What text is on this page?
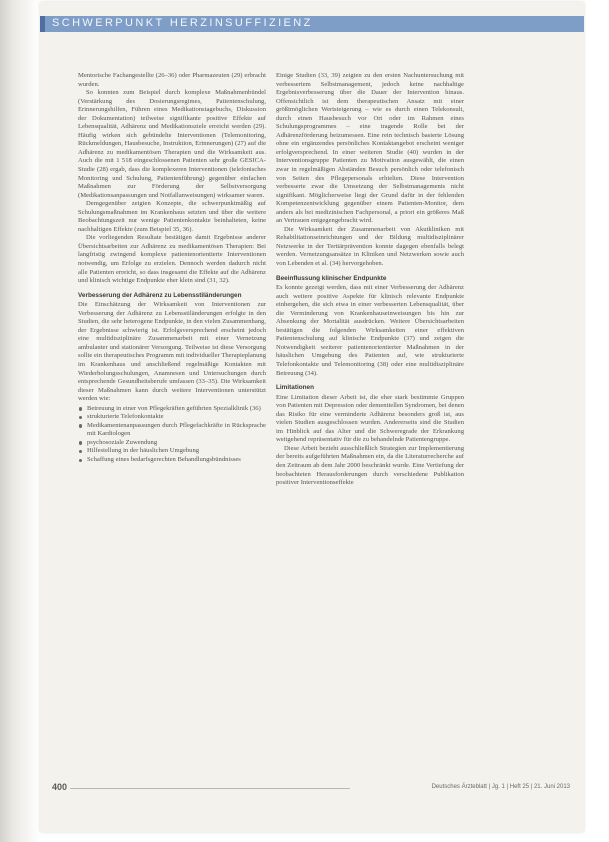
SCHWERPUNKT HERZINSUFFIZIENZ

Mentorische Fachangestellte (26–36) oder Pharmazeuten (29) erbracht wurden.

So konnten zum Beispiel durch komplexe Maßnahmenbündel (Verstärkung des Dosierungsregimes, Patientenschulung, Erinnerungshilfen, Führen eines Medikationstagebuchs, Diskussion der Dokumentation) teilweise signifikante positive Effekte auf Lebensqualität, Adhärenz und Medikationsziele erreicht werden (29). Häufig wirken sich gebündelte Interventionen (Telemonitoring, Rückmeldungen, Hausbesuche, Instruktion, Erinnerungen) (27) auf die Adhärenz zu medikamentösen Therapien und die Wirksamkeit aus. Auch die mit 1 518 eingeschlossenen Patienten sehr große GESICA-Studie (28) ergab, dass die komplexeren Interventionen (telefonisches Monitoring und Schulung, Patientenführung) gegenüber einfachen Maßnahmen zur Förderung der Selbstversorgung (Medikationsanpassungen und Notfallanweisungen) wirksamer waren.

Demgegenüber zeigten Konzepte, die schwerpunktmäßig auf Schulungsmaßnahmen im Krankenhaus setzten und über die weitere Beobachtungszeit nur wenige Patientenkontakte beinhalteten, keine nachhaltigen Effekte (zum Beispiel 35, 36).

Die vorliegenden Resultate bestätigen damit Ergebnisse anderer Übersichtsarbeiten zur Adhärenz zu medikamentösen Therapien: Bei langfristig zwingend komplexe patientenorientierte Interventionen notwendig, um Erfolge zu erzielen. Dennoch werden dadurch nicht alle Patienten erreicht, so dass insgesamt die Effekte auf die Adhärenz und klinisch wichtige Endpunkte eher klein sind (31, 32).

Verbesserung der Adhärenz zu Lebensstiländerungen

Die Einschätzung der Wirksamkeit von Interventionen zur Verbesserung der Adhärenz zu Lebensstiländerungen erfolgte in den Studien, die sehr heterogene Endpunkte, in den vielen Zusammenhang, der Ergebnisse schwierig ist. Erfolgsversprechend erscheint jedoch eine multidisziplinäre Zusammenarbeit mit einer Vernetzung ambulanter und stationärer Versorgung. Teilweise ist diese Versorgung sollte ein therapeutisches Programm mit individueller Therapieplanung im Krankenhaus und anschließend regelmäßige Kontakten mit Wiederholungsschulungen, Anamnesen und Untersuchungen durch entsprechende Gesundheitsberufe umfassen (33–35). Die Wirksamkeit dieser Maßnahmen kann durch weitere Interventionen unterstützt werden wie:

Betreuung in einer von Pflegekräften geführten Spezialklinik (36)
strukturierte Telefonkontakte
Medikamentenanpassungen durch Pflegefachkräfte in Rücksprache mit Kardiologen
psychosoziale Zuwendung
Hilfestellung in der häuslichen Umgebung
Schaffung eines bedarfsgerechten Behandlungsbündnisses

Einige Studien (33, 39) zeigten zu den ersten Nachuntersuchung mit verbessertem Selbstmanagement, jedoch keine nachhaltige Ergebnisverbesserung über die Dauer der Intervention hinaus. Offensichtlich ist dem therapeutischen Ansatz mit einer größtmöglichen Wertsteigerung – wie es durch einen Telekonsult, durch einen Hausbesuch vor Ort oder im Rahmen eines Schulungsprogrammes – eine tragende Rolle bei der Adhärenzförderung beizumessen. Eine rein technisch basierte Lösung ohne ein ergänzendes persönliches Kontaktangebot erscheint weniger erfolgversprechend. In einer weiteren Studie (40) wurden in der Interventionsgruppe Patienten zu Motivation ausgewählt, die einen zwar in regelmäßigen Abständen Besuch persönlich oder telefonisch von Seiten des Pflegepersonals erhielten. Diese Intervention verbesserte zwar die Umsetzung der Selbstmanagements nicht signifikant. Möglicherweise liegt der Grund dafür in der fehlenden Kompetenzentwicklung gegenüber einem Patienten-Monitor, dem anders als bei medizinischen Fachpersonal, a priori ein größeres Maß an Vertrauen entgegengebracht wird.

Die Wirksamkeit der Zusammenarbeit von Akutkliniken mit Rehabilitationseinrichtungen und der Bildung multidisziplinärer Netzwerke in der Tertiärprävention konnte dagegen ebenfalls belegt werden. Vernetzungsansätze in Kliniken und Netzwerken sowie auch von Lebenden et al. (34) hervorgehoben.

Beeinflussung klinischer Endpunkte

Es konnte gezeigt werden, dass mit einer Verbesserung der Adhärenz auch weitere positive Aspekte für klinisch relevante Endpunkte einhergehen, die sich etwa in einer verbesserten Lebensqualität, über die Verminderung von Krankenhauseinweisungen bis hin zur Absenkung der Mortalität ausdrücken. Weitere Übersichtsarbeiten bestätigen die folgenden Wirksamkeiten einer effektiven Patientenschulung auf klinische Endpunkte (37) und zeigen die Notwendigkeit weiterer patientenorientierter Maßnahmen in der häuslichen Umgebung des Patienten auf, wie strukturierte Telefonkontakte und Telemonitoring (38) oder eine multidisziplinäre Betreuung (34).

Limitationen

Eine Limitation dieser Arbeit ist, die eher stark bestimmte Gruppen von Patienten mit Depression oder dementiellen Syndromen, bei denen das Risiko für eine verminderte Adhärenz besonders groß ist, aus vielen Studien ausgeschlossen wurden. Andererseits sind die Studien im Hinblick auf das Alter und die Schweregrade der Erkrankung weitgehend repräsentativ für die zu behandelnde Patientengruppe.

Diese Arbeit bezieht ausschließlich Strategien zur Implementierung der bereits aufgeführten Maßnahmen ein, da die Literaturrecherche auf den Zeitraum ab dem Jahr 2000 beschränkt wurde. Eine Vertiefung der beobachteten Herausforderungen durch verschiedene Publikation positiver Interventionseffekte

400	Deutsches Ärzteblatt | Jg. 1 | Heft 25 | 21. Juni 2013
